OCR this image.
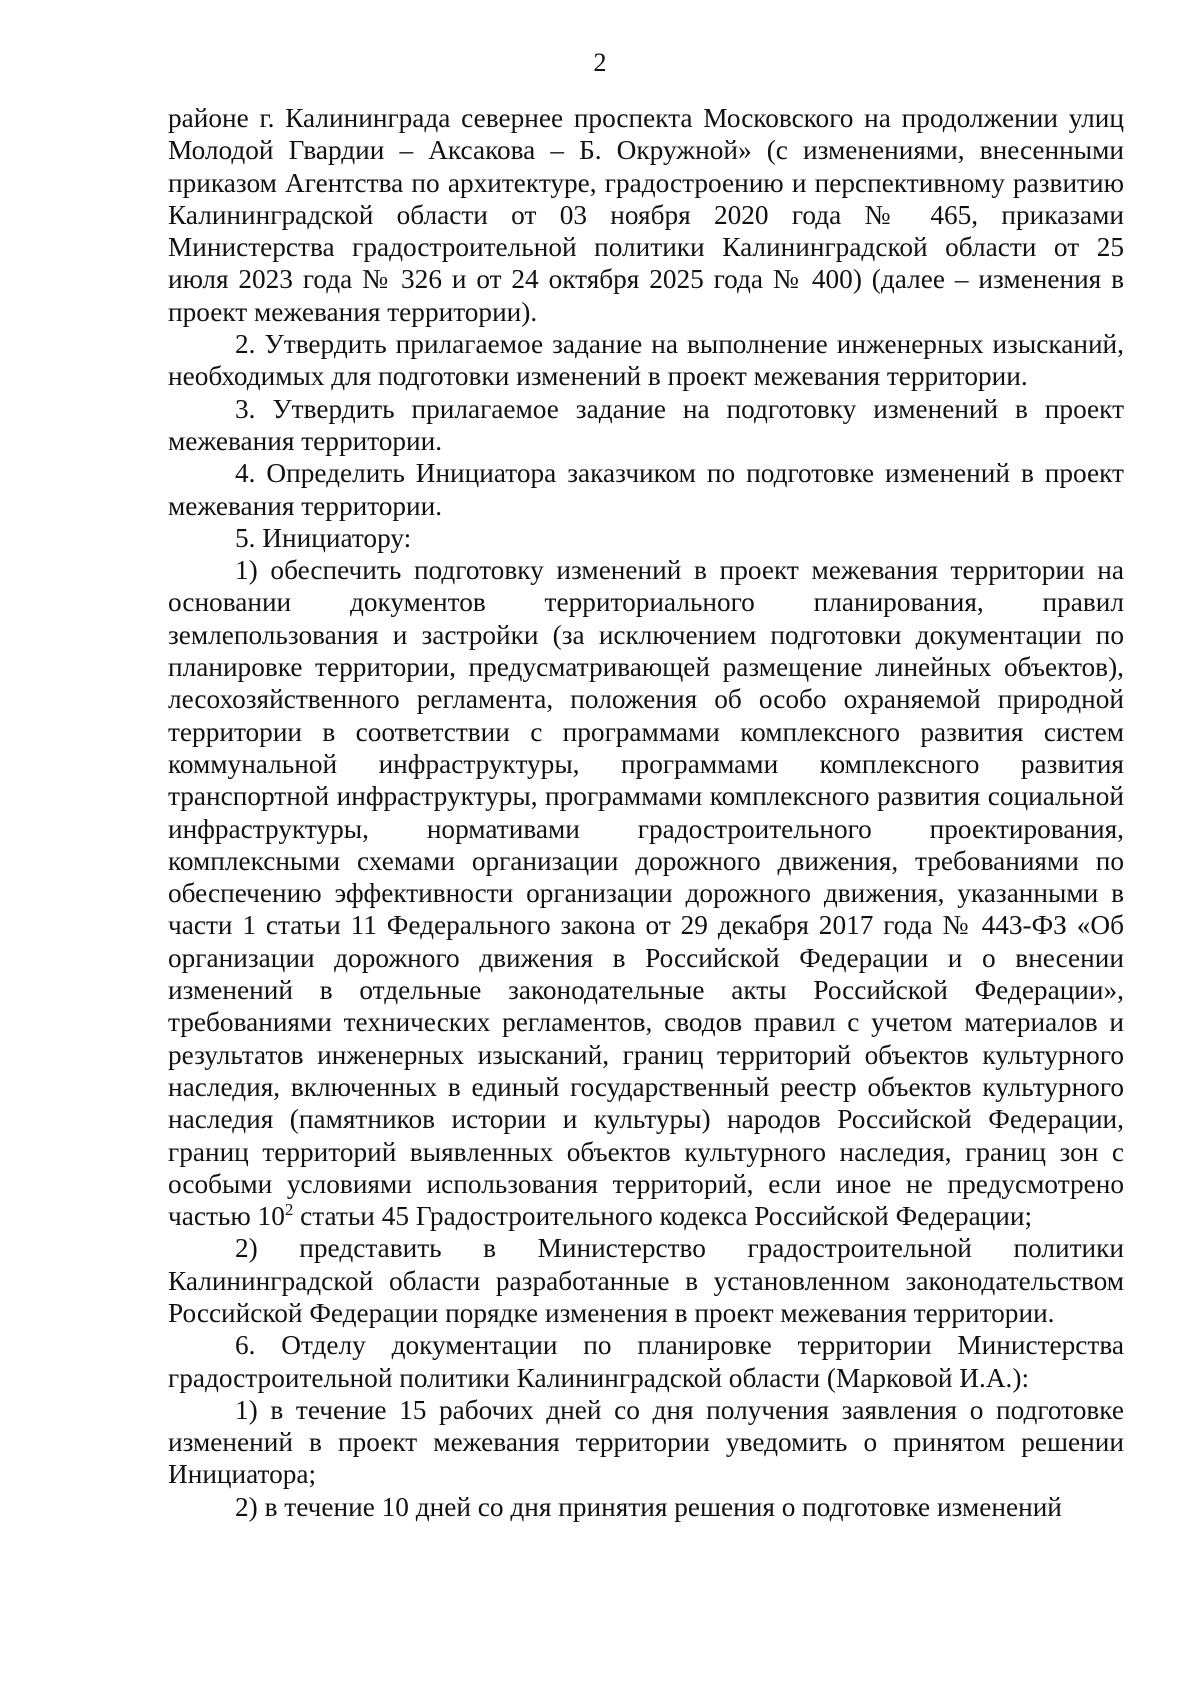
2

районе г. Калининграда севернее проспекта Московского на продолжении улиц Молодой Гвардии – Аксакова – Б. Окружной» (с изменениями, внесенными приказом Агентства по архитектуре, градостроению и перспективному развитию Калининградской области от 03 ноября 2020 года № 465, приказами Министерства градостроительной политики Калининградской области от 25 июля 2023 года № 326 и от 24 октября 2025 года № 400) (далее – изменения в проект межевания территории).

2. Утвердить прилагаемое задание на выполнение инженерных изысканий, необходимых для подготовки изменений в проект межевания территории.

3. Утвердить прилагаемое задание на подготовку изменений в проект межевания территории.

4. Определить Инициатора заказчиком по подготовке изменений в проект межевания территории.

5. Инициатору:

1) обеспечить подготовку изменений в проект межевания территории на основании документов территориального планирования, правил землепользования и застройки (за исключением подготовки документации по планировке территории, предусматривающей размещение линейных объектов), лесохозяйственного регламента, положения об особо охраняемой природной территории в соответствии с программами комплексного развития систем коммунальной инфраструктуры, программами комплексного развития транспортной инфраструктуры, программами комплексного развития социальной инфраструктуры, нормативами градостроительного проектирования, комплексными схемами организации дорожного движения, требованиями по обеспечению эффективности организации дорожного движения, указанными в части 1 статьи 11 Федерального закона от 29 декабря 2017 года № 443-ФЗ «Об организации дорожного движения в Российской Федерации и о внесении изменений в отдельные законодательные акты Российской Федерации», требованиями технических регламентов, сводов правил с учетом материалов и результатов инженерных изысканий, границ территорий объектов культурного наследия, включенных в единый государственный реестр объектов культурного наследия (памятников истории и культуры) народов Российской Федерации, границ территорий выявленных объектов культурного наследия, границ зон с особыми условиями использования территорий, если иное не предусмотрено частью $10^2$ статьи 45 Градостроительного кодекса Российской Федерации;

2) представить в Министерство градостроительной политики Калининградской области разработанные в установленном законодательством Российской Федерации порядке изменения в проект межевания территории.

6. Отделу документации по планировке территории Министерства градостроительной политики Калининградской области (Марковой И.А.):

1) в течение 15 рабочих дней со дня получения заявления о подготовке изменений в проект межевания территории уведомить о принятом решении Инициатора;

2) в течение 10 дней со дня принятия решения о подготовке изменений
